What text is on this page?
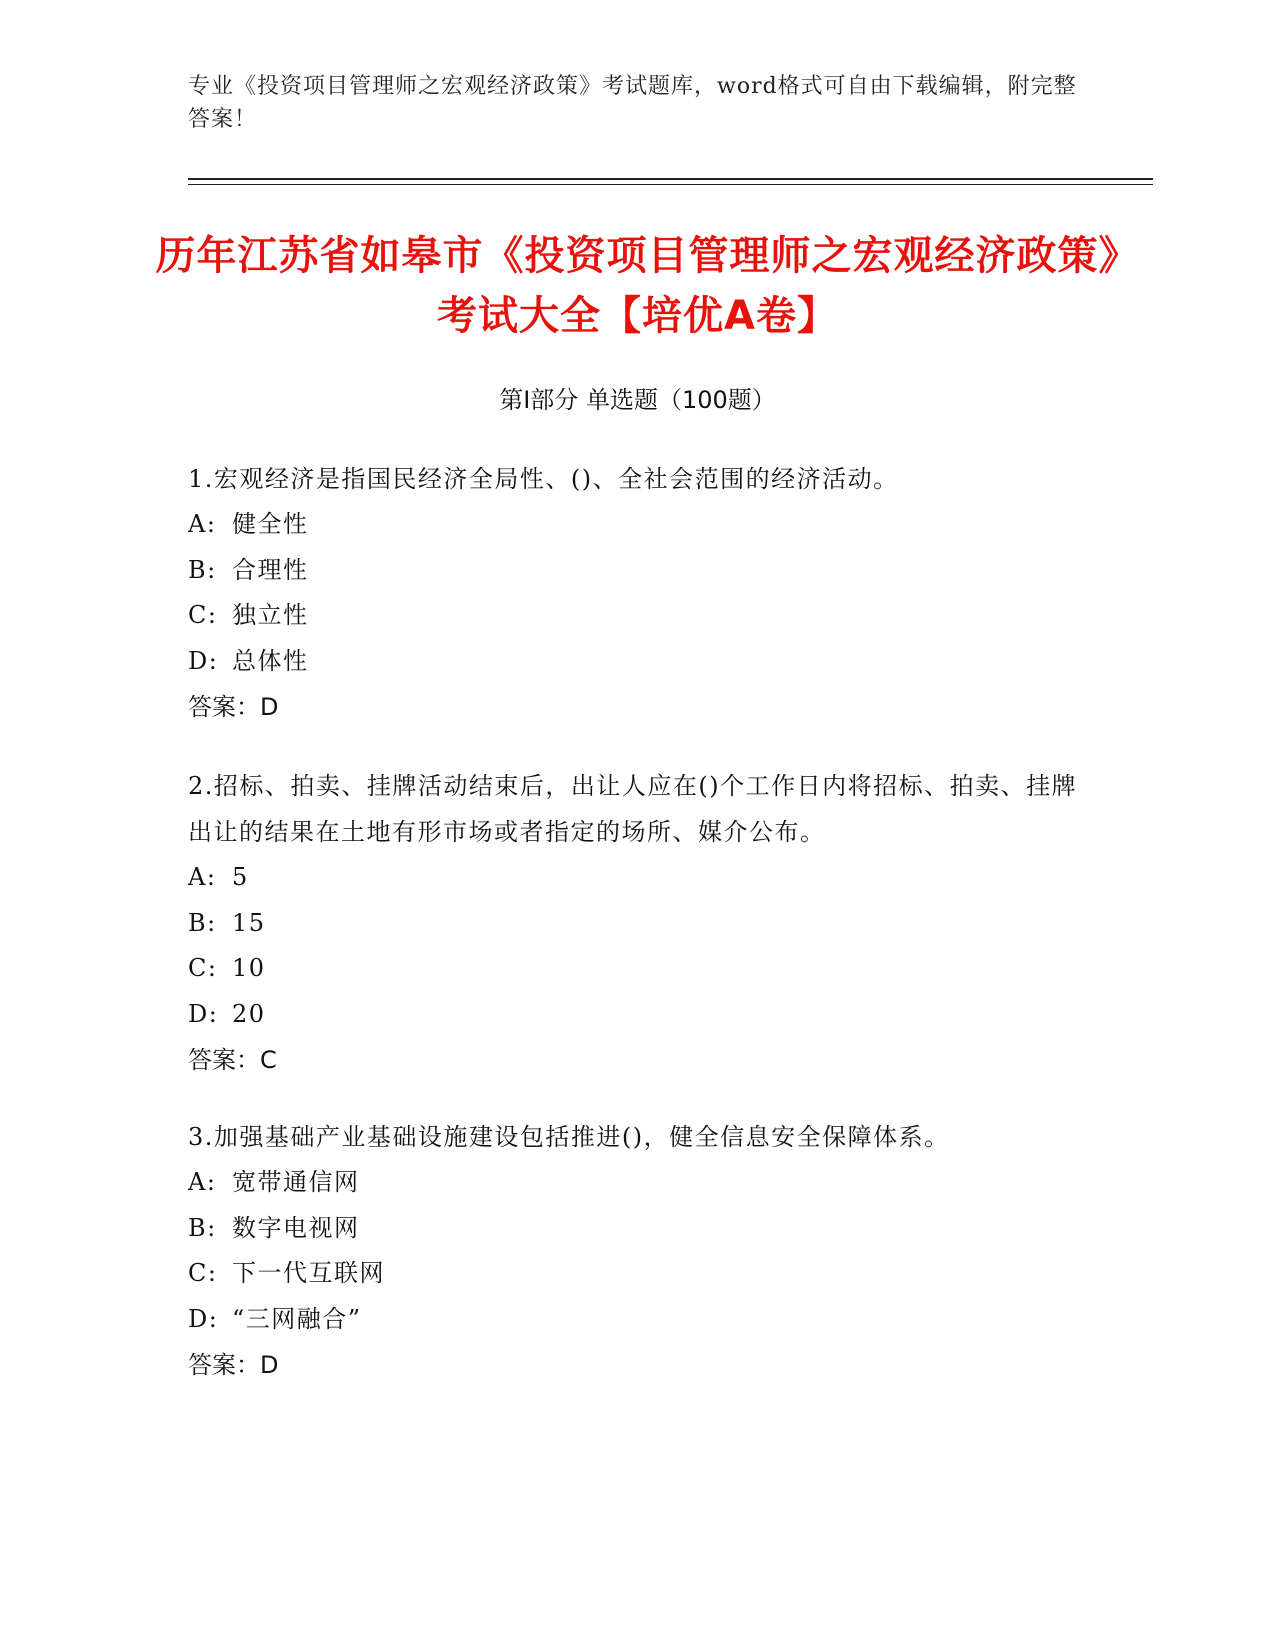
专业《投资项目管理师之宏观经济政策》考试题库，word格式可自由下载编辑，附完整答案！
历年江苏省如皋市《投资项目管理师之宏观经济政策》考试大全【培优A卷】
第I部分 单选题（100题）

1.宏观经济是指国民经济全局性、()、全社会范围的经济活动。

A: 健全性

B: 合理性

C: 独立性

D: 总体性

答案：D

2.招标、拍卖、挂牌活动结束后，出让人应在()个工作日内将招标、拍卖、挂牌出让的结果在土地有形市场或者指定的场所、媒介公布。

A: 5

B: 15

C: 10

D: 20

答案：C

3.加强基础产业基础设施建设包括推进()，健全信息安全保障体系。

A: 宽带通信网

B: 数字电视网

C: 下一代互联网

D: “三网融合”

答案：D
